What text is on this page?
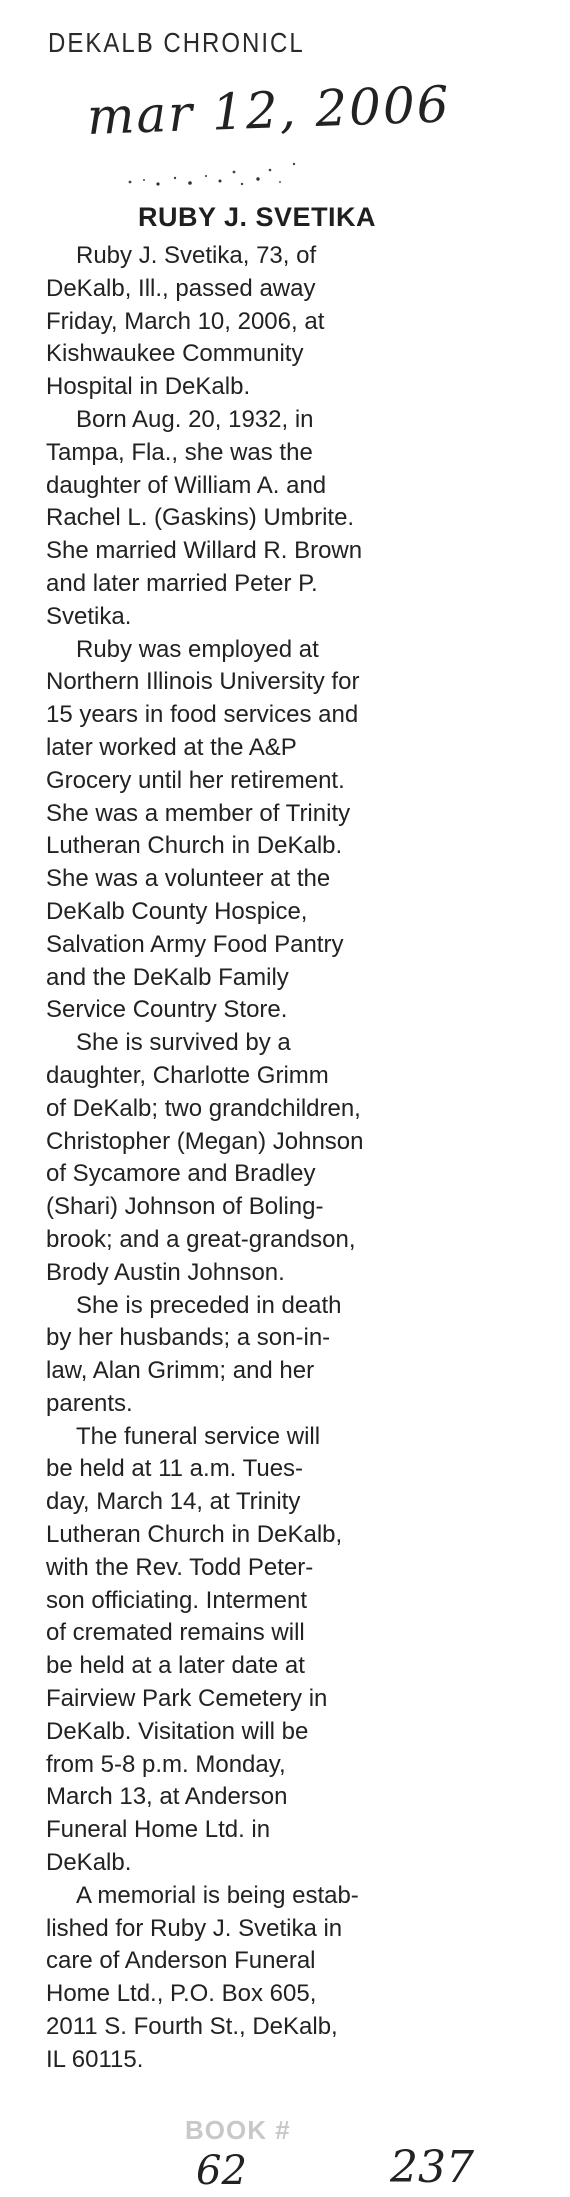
DEKALB CHRONICL
mar 12, 2006
RUBY J. SVETIKA

Ruby J. Svetika, 73, of
DeKalb, Ill., passed away
Friday, March 10, 2006, at
Kishwaukee Community
Hospital in DeKalb.

Born Aug. 20, 1932, in
Tampa, Fla., she was the
daughter of William A. and
Rachel L. (Gaskins) Umbrite.
She married Willard R. Brown
and later married Peter P.
Svetika.

Ruby was employed at
Northern Illinois University for
15 years in food services and
later worked at the A&P
Grocery until her retirement.
She was a member of Trinity
Lutheran Church in DeKalb.
She was a volunteer at the
DeKalb County Hospice,
Salvation Army Food Pantry
and the DeKalb Family
Service Country Store.

She is survived by a
daughter, Charlotte Grimm
of DeKalb; two grandchildren,
Christopher (Megan) Johnson
of Sycamore and Bradley
(Shari) Johnson of Boling-
brook; and a great-grandson,
Brody Austin Johnson.

She is preceded in death
by her husbands; a son-in-
law, Alan Grimm; and her
parents.

The funeral service will
be held at 11 a.m. Tues-
day, March 14, at Trinity
Lutheran Church in DeKalb,
with the Rev. Todd Peter-
son officiating. Interment
of cremated remains will
be held at a later date at
Fairview Park Cemetery in
DeKalb. Visitation will be
from 5-8 p.m. Monday,
March 13, at Anderson
Funeral Home Ltd. in
DeKalb.

A memorial is being estab-
lished for Ruby J. Svetika in
care of Anderson Funeral
Home Ltd., P.O. Box 605,
2011 S. Fourth St., DeKalb,
IL 60115.

BOOK #
62	237
